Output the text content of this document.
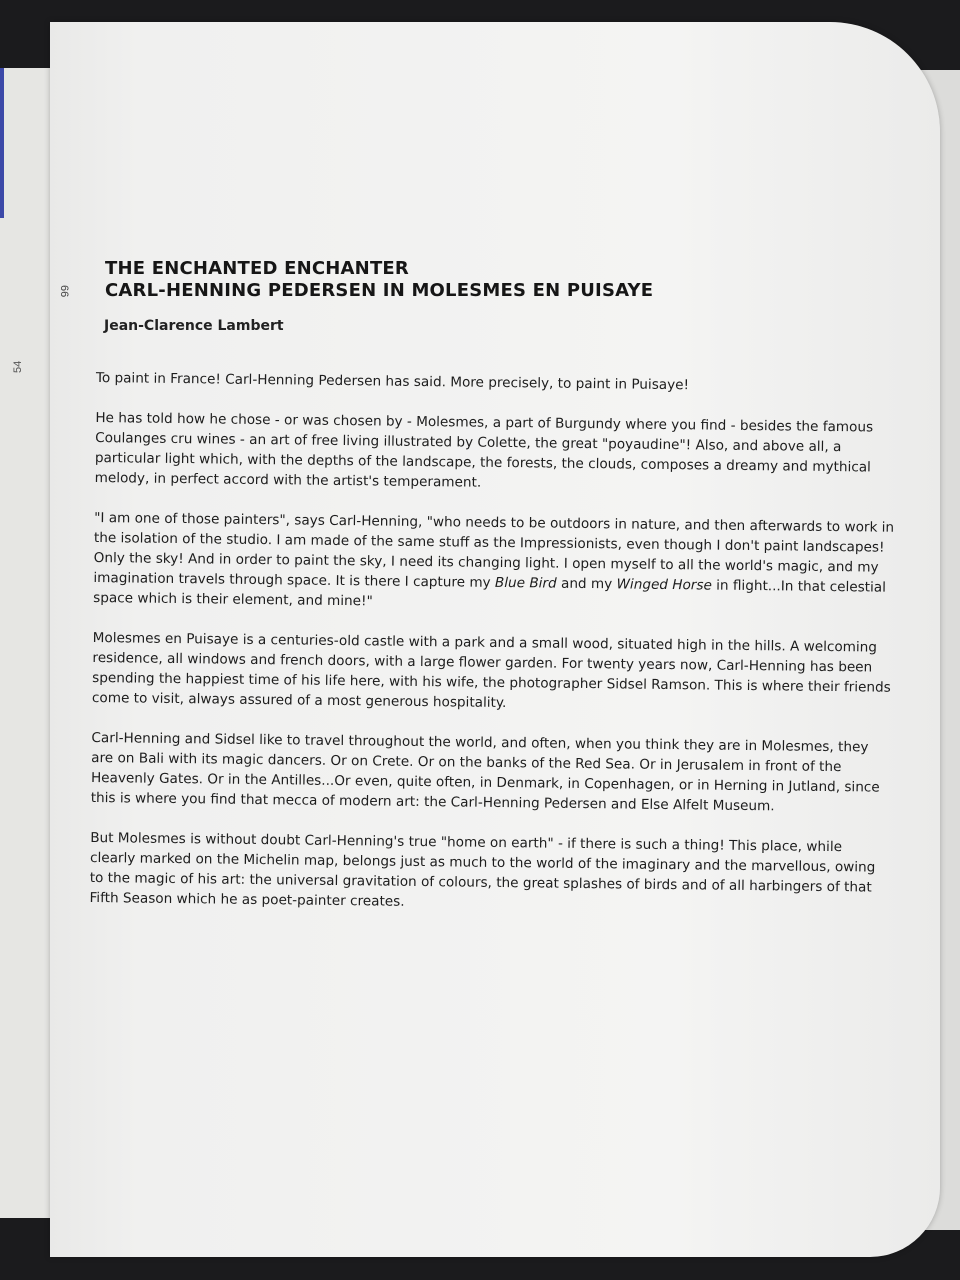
54
66
THE ENCHANTED ENCHANTER
CARL-HENNING PEDERSEN IN MOLESMES EN PUISAYE

Jean-Clarence Lambert

To paint in France! Carl-Henning Pedersen has said. More precisely, to paint in Puisaye!

He has told how he chose - or was chosen by - Molesmes, a part of Burgundy where you find - besides the famous Coulanges cru wines - an art of free living illustrated by Colette, the great "poyaudine"! Also, and above all, a particular light which, with the depths of the landscape, the forests, the clouds, composes a dreamy and mythical melody, in perfect accord with the artist's temperament.

"I am one of those painters", says Carl-Henning, "who needs to be outdoors in nature, and then afterwards to work in the isolation of the studio. I am made of the same stuff as the Impressionists, even though I don't paint landscapes! Only the sky! And in order to paint the sky, I need its changing light. I open myself to all the world's magic, and my imagination travels through space. It is there I capture my Blue Bird and my Winged Horse in flight...In that celestial space which is their element, and mine!"

Molesmes en Puisaye is a centuries-old castle with a park and a small wood, situated high in the hills. A welcoming residence, all windows and french doors, with a large flower garden. For twenty years now, Carl-Henning has been spending the happiest time of his life here, with his wife, the photographer Sidsel Ramson. This is where their friends come to visit, always assured of a most generous hospitality.

Carl-Henning and Sidsel like to travel throughout the world, and often, when you think they are in Molesmes, they are on Bali with its magic dancers. Or on Crete. Or on the banks of the Red Sea. Or in Jerusalem in front of the Heavenly Gates. Or in the Antilles...Or even, quite often, in Denmark, in Copenhagen, or in Herning in Jutland, since this is where you find that mecca of modern art: the Carl-Henning Pedersen and Else Alfelt Museum.

But Molesmes is without doubt Carl-Henning's true "home on earth" - if there is such a thing! This place, while clearly marked on the Michelin map, belongs just as much to the world of the imaginary and the marvellous, owing to the magic of his art: the universal gravitation of colours, the great splashes of birds and of all harbingers of that Fifth Season which he as poet-painter creates.
